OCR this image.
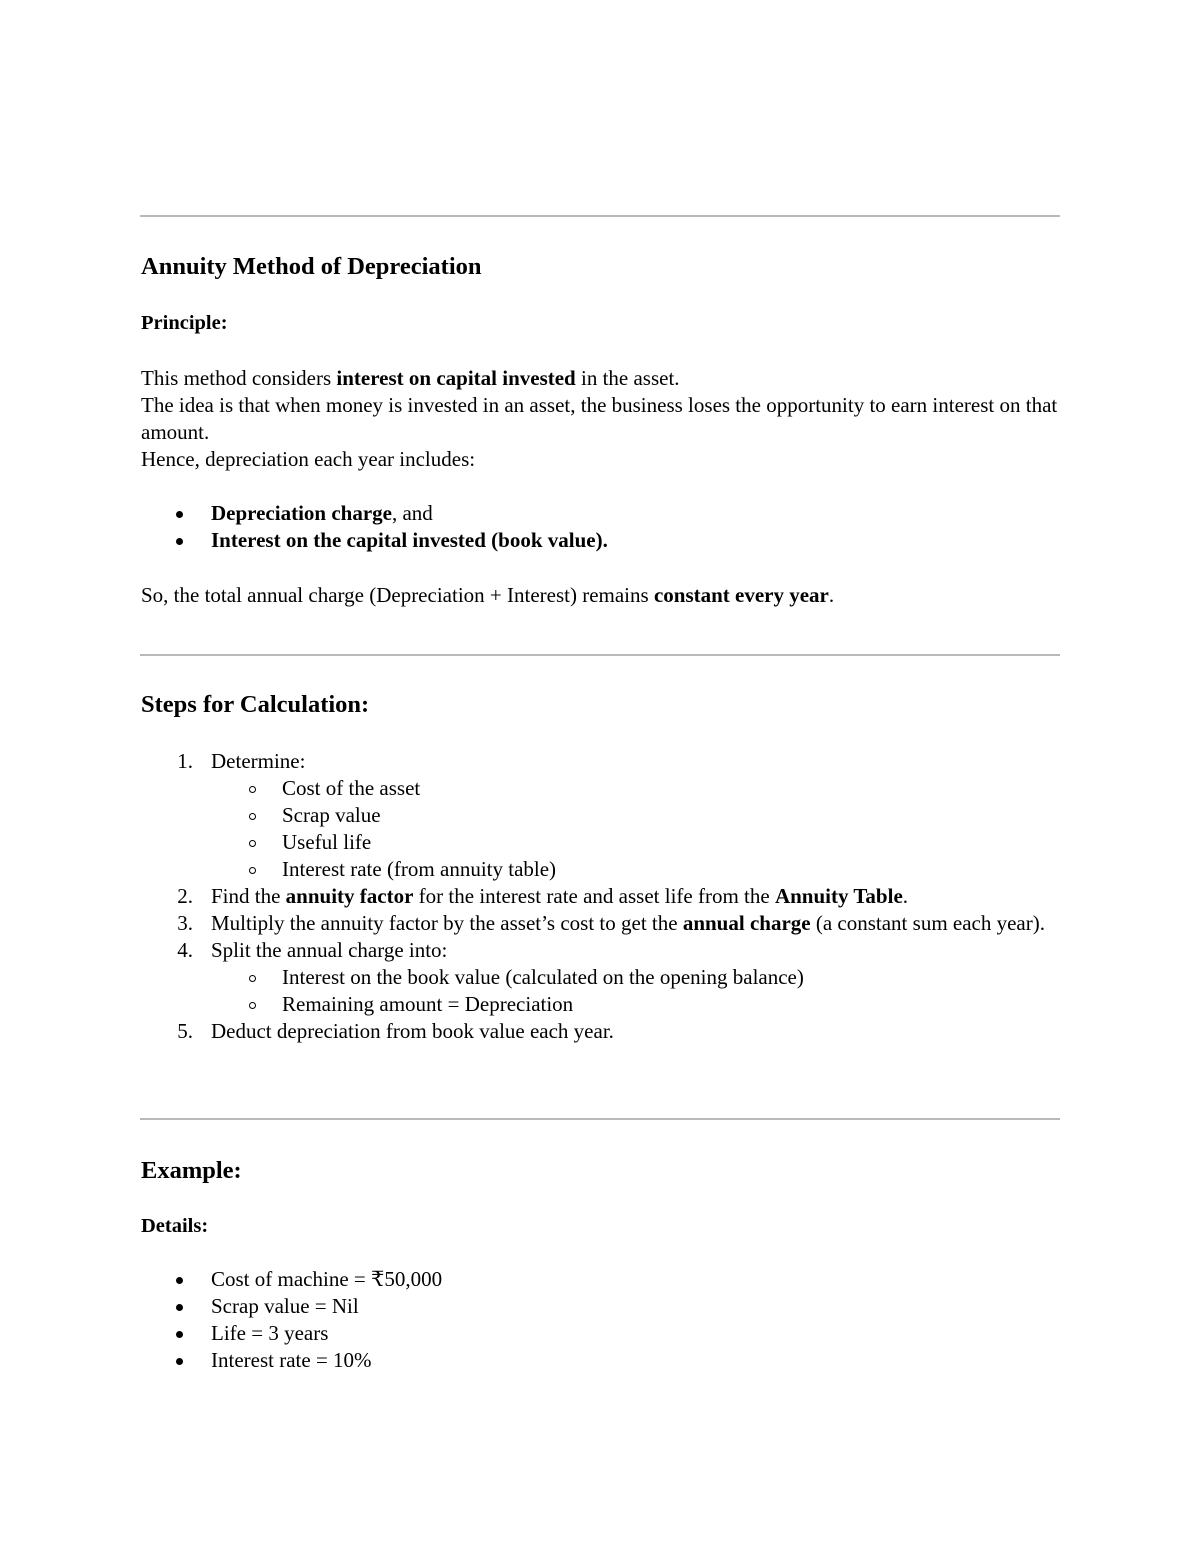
Annuity Method of Depreciation
Principle:

This method considers interest on capital invested in the asset.

The idea is that when money is invested in an asset, the business loses the opportunity to earn interest on that amount.

Hence, depreciation each year includes:

Depreciation charge, and
Interest on the capital invested (book value).

So, the total annual charge (Depreciation + Interest) remains constant every year.

Steps for Calculation:
1. Determine:
Cost of the asset
Scrap value
Useful life
Interest rate (from annuity table)
2. Find the annuity factor for the interest rate and asset life from the Annuity Table.
3. Multiply the annuity factor by the asset’s cost to get the annual charge (a constant sum each year).
4. Split the annual charge into:
Interest on the book value (calculated on the opening balance)
Remaining amount = Depreciation
5. Deduct depreciation from book value each year.
Example:
Details:
Cost of machine = ₹50,000
Scrap value = Nil
Life = 3 years
Interest rate = 10%
